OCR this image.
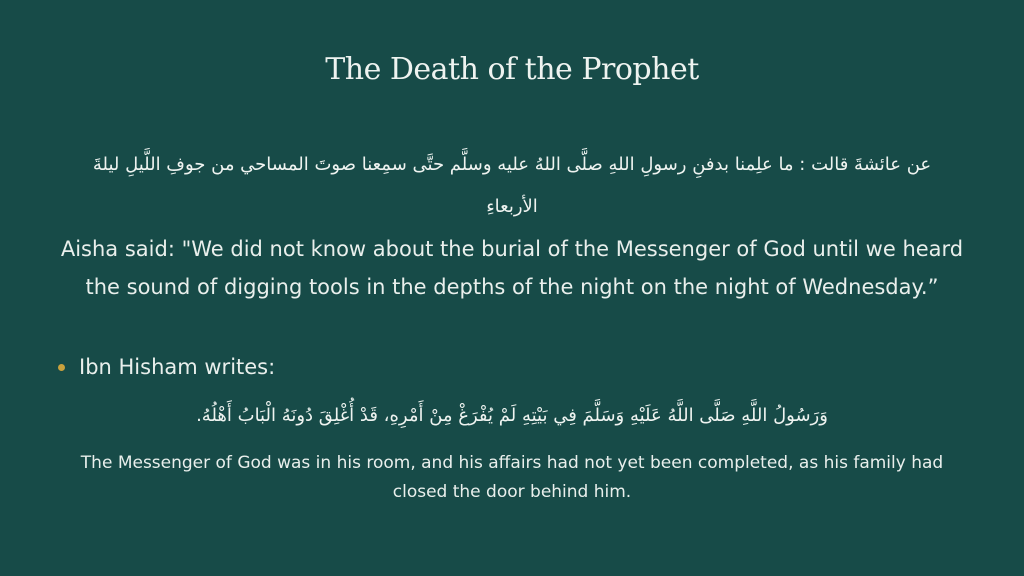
The Death of the Prophet
عن عائشةَ قالت : ما علِمنا بدفنِ رسولِ اللهِ صلَّى اللهُ عليه وسلَّم حتَّى سمِعنا صوتَ المساحي من جوفِ اللَّيلِ ليلةَ الأربعاءِ
Aisha said: "We did not know about the burial of the Messenger of God until we heard the sound of digging tools in the depths of the night on the night of Wednesday.”
Ibn Hisham writes:
وَرَسُولُ اللَّهِ صَلَّى اللَّهُ عَلَيْهِ وَسَلَّمَ فِي بَيْتِهِ لَمْ يُفْرَغْ مِنْ أَمْرِهِ، قَدْ أُغْلِقَ دُونَهُ الْبَابُ أَهْلُهُ.
The Messenger of God was in his room, and his affairs had not yet been completed, as his family had closed the door behind him.
